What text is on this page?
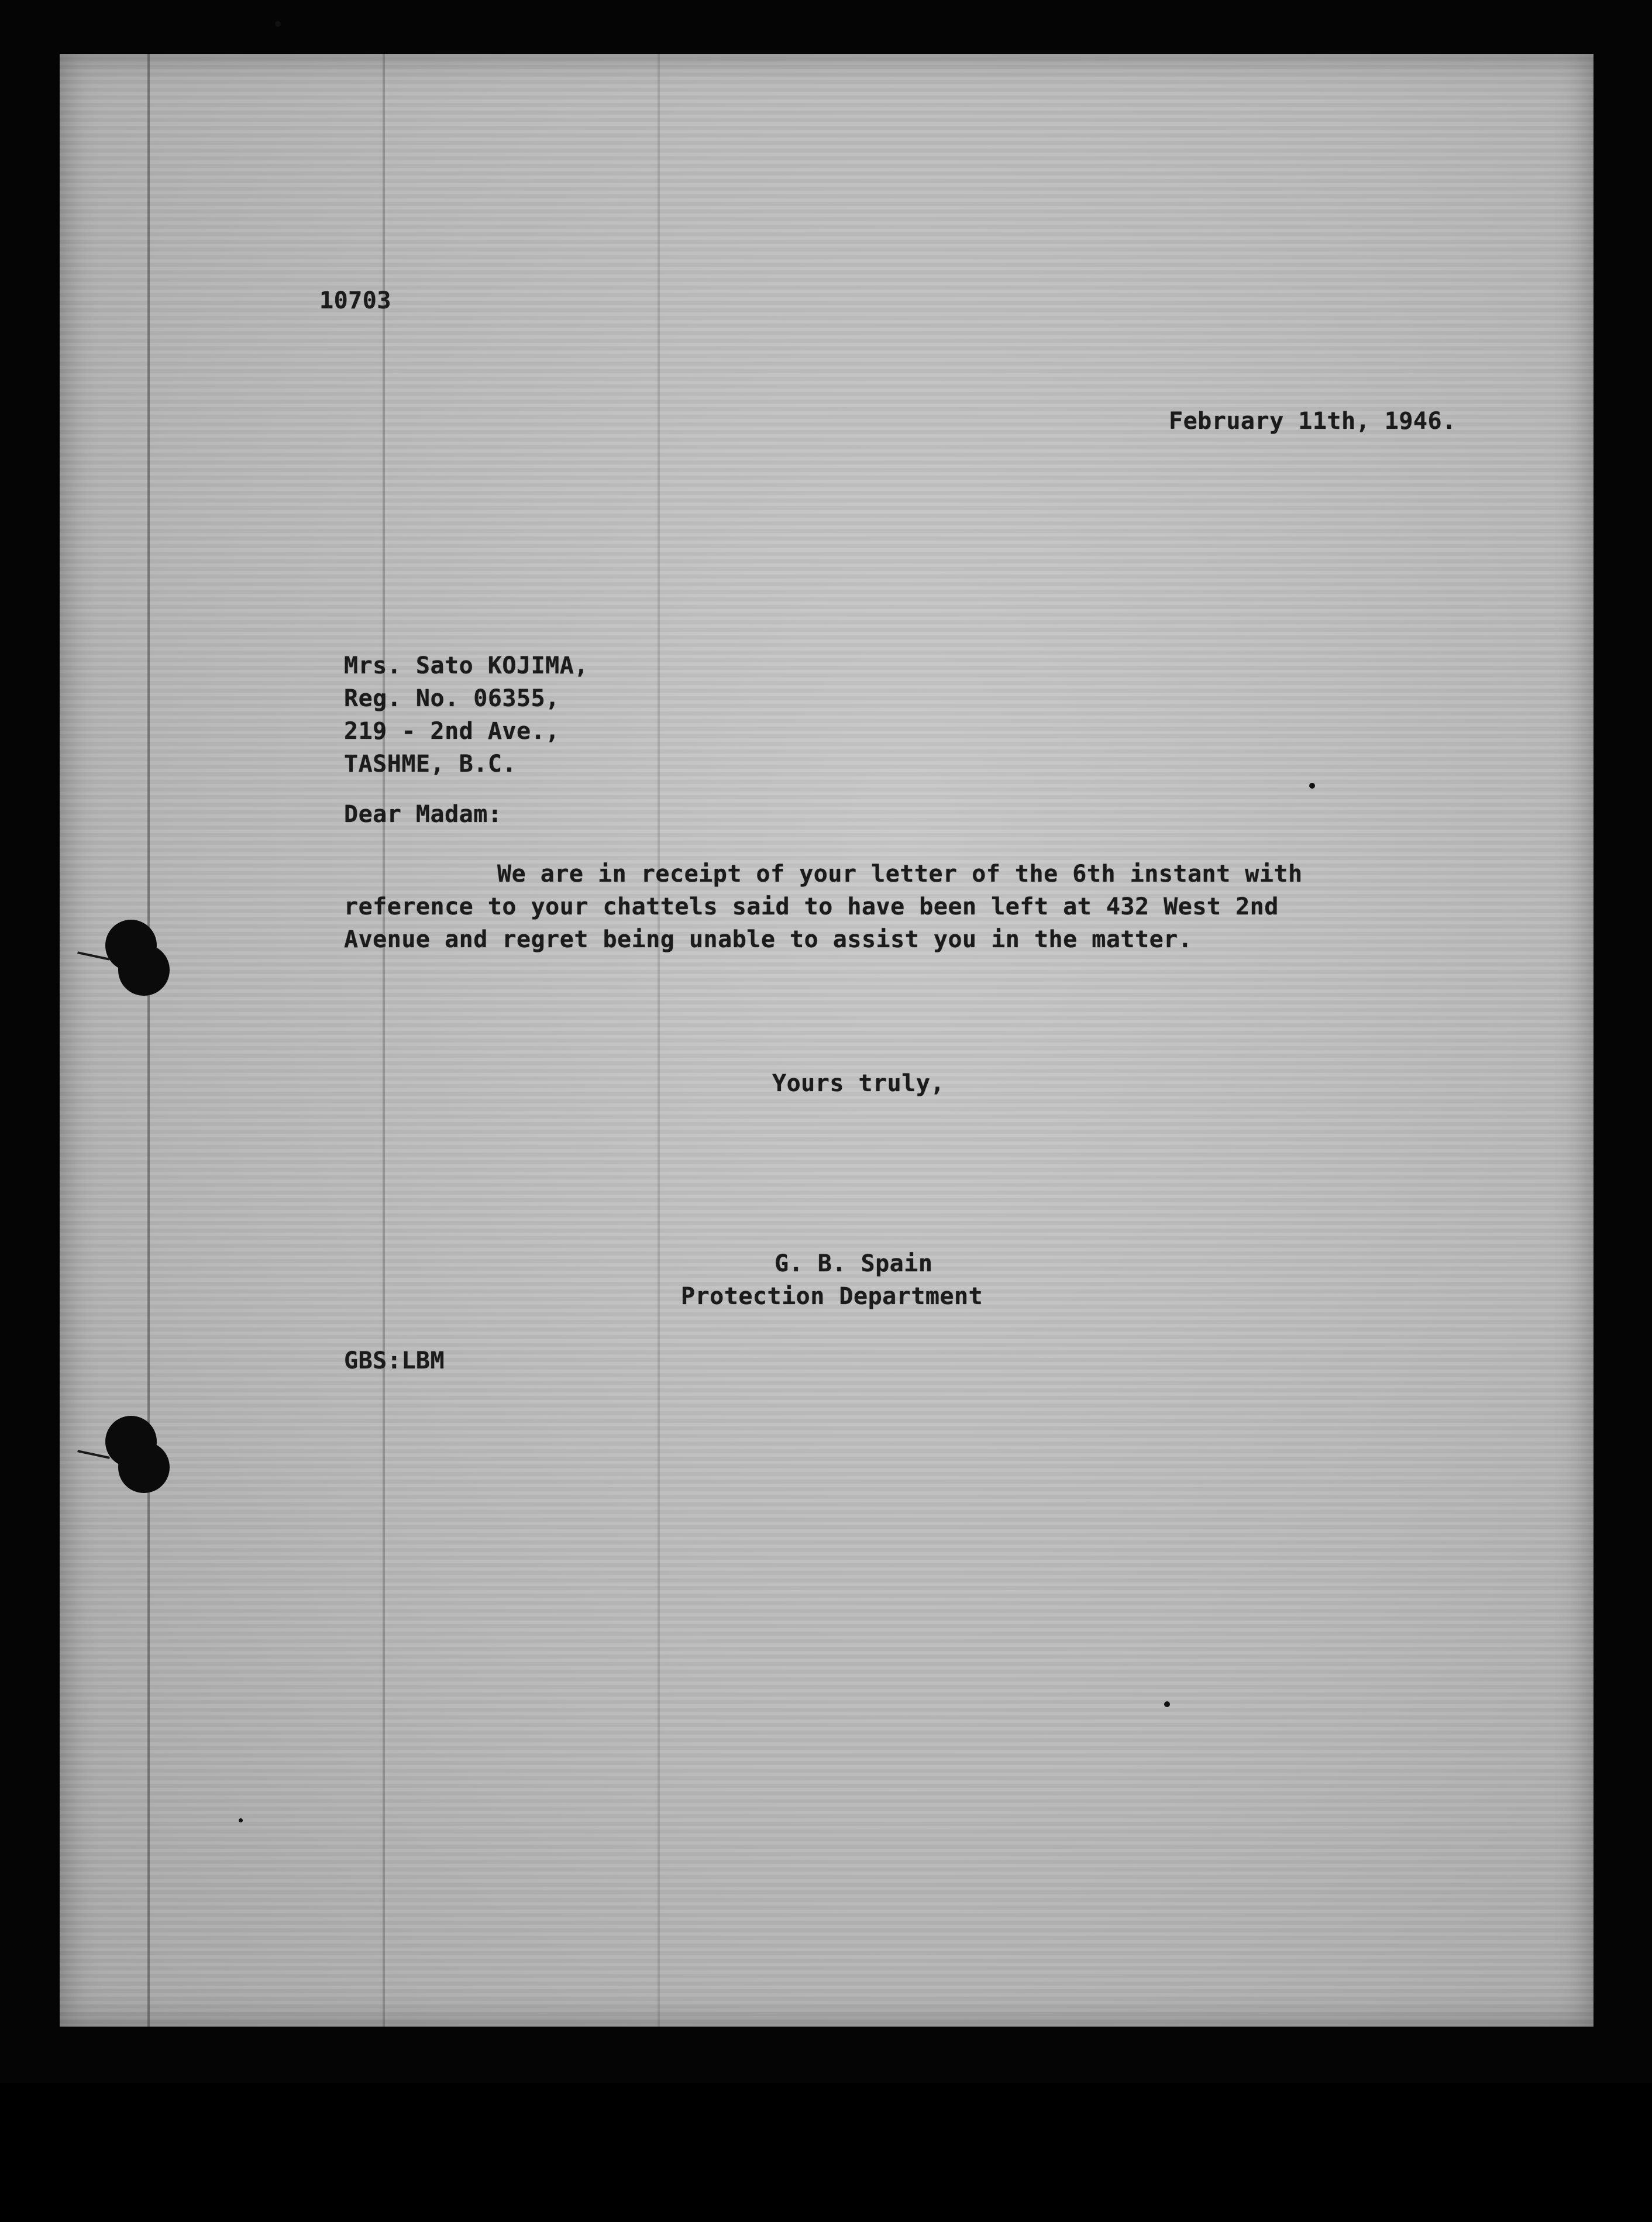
10703
February 11th, 1946.
Mrs. Sato KOJIMA,
Reg. No. 06355,
219 - 2nd Ave.,
TASHME, B.C.
Dear Madam:
We are in receipt of your letter of the 6th instant with
reference to your chattels said to have been left at 432 West 2nd
Avenue and regret being unable to assist you in the matter.
Yours truly,
G. B. Spain
Protection Department
GBS:LBM
